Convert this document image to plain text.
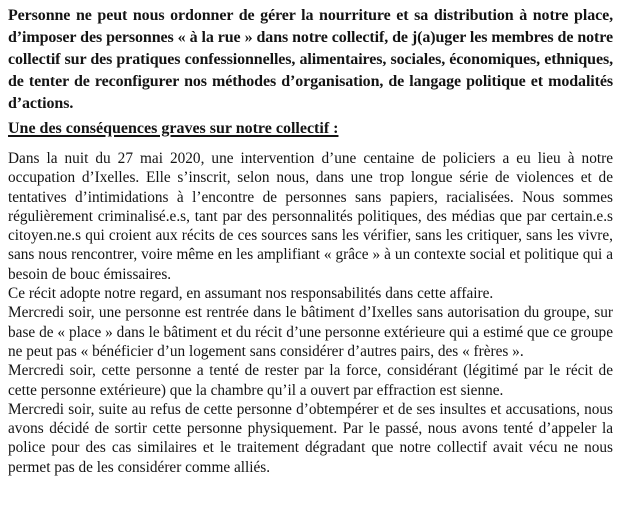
Personne ne peut nous ordonner de gérer la nourriture et sa distribution à notre place, d’imposer des personnes « à la rue » dans notre collectif, de j(a)uger les membres de notre collectif sur des pratiques confessionnelles, alimentaires, sociales, économiques, ethniques, de tenter de reconfigurer nos méthodes d’organisation, de langage politique et modalités d’actions.

Une des conséquences graves sur notre collectif :

Dans la nuit du 27 mai 2020, une intervention d’une centaine de policiers a eu lieu à notre occupation d’Ixelles. Elle s’inscrit, selon nous, dans une trop longue série de violences et de tentatives d’intimidations à l’encontre de personnes sans papiers, racialisées. Nous sommes régulièrement criminalisé.e.s, tant par des personnalités politiques, des médias que par certain.e.s citoyen.ne.s qui croient aux récits de ces sources sans les vérifier, sans les critiquer, sans les vivre, sans nous rencontrer, voire même en les amplifiant « grâce » à un contexte social et politique qui a besoin de bouc émissaires.

Ce récit adopte notre regard, en assumant nos responsabilités dans cette affaire.

Mercredi soir, une personne est rentrée dans le bâtiment d’Ixelles sans autorisation du groupe, sur base de « place » dans le bâtiment et du récit d’une personne extérieure qui a estimé que ce groupe ne peut pas « bénéficier d’un logement sans considérer d’autres pairs, des « frères ».

Mercredi soir, cette personne a tenté de rester par la force, considérant (légitimé par le récit de cette personne extérieure) que la chambre qu’il a ouvert par effraction est sienne.

Mercredi soir, suite au refus de cette personne d’obtempérer et de ses insultes et accusations, nous avons décidé de sortir cette personne physiquement. Par le passé, nous avons tenté d’appeler la police pour des cas similaires et le traitement dégradant que notre collectif avait vécu ne nous permet pas de les considérer comme alliés.
